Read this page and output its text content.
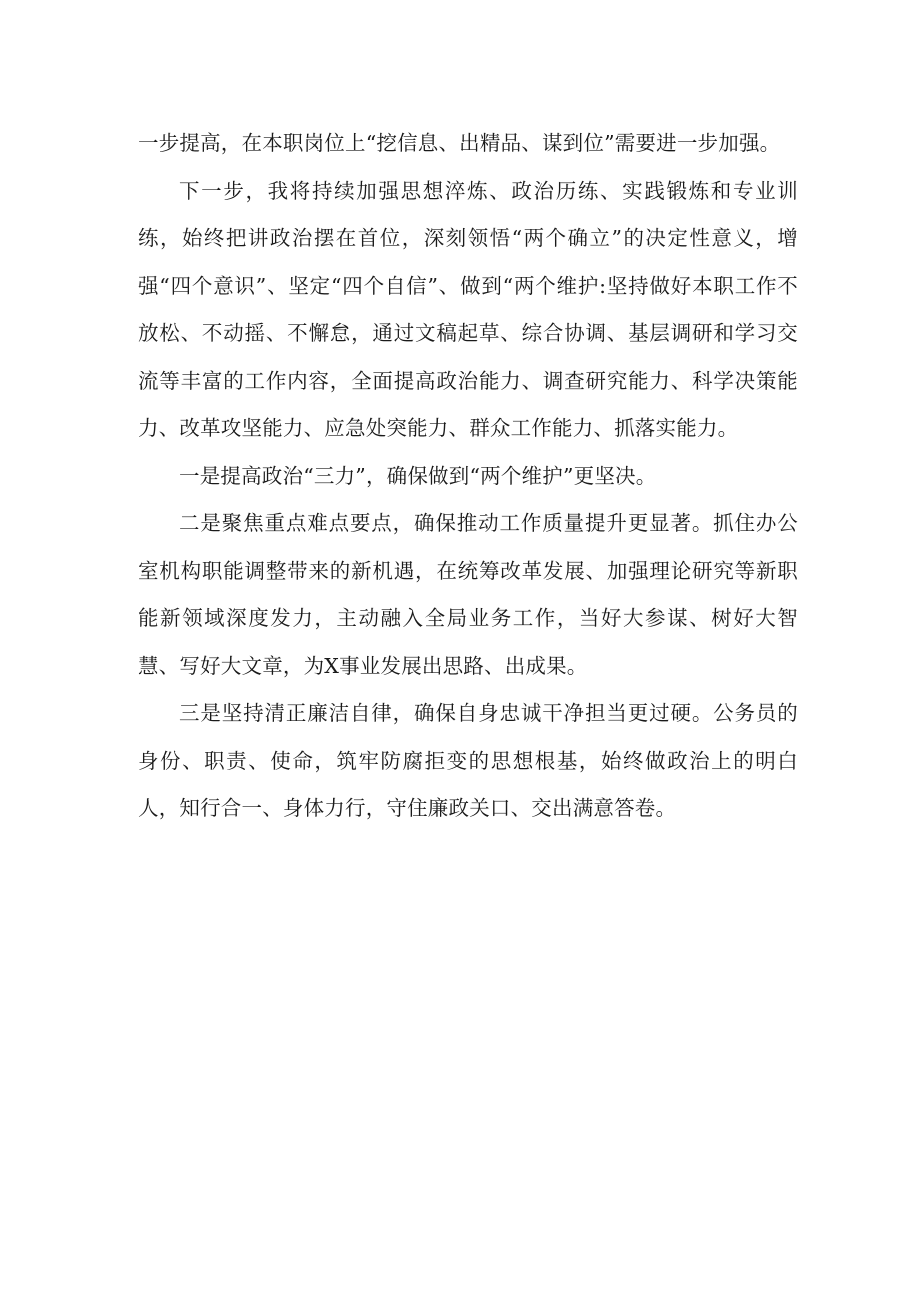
一步提高，在本职岗位上“挖信息、出精品、谋到位”需要进一步加强。

下一步，我将持续加强思想淬炼、政治历练、实践锻炼和专业训练，始终把讲政治摆在首位，深刻领悟“两个确立”的决定性意义，增强“四个意识”、坚定“四个自信”、做到“两个维护:坚持做好本职工作不放松、不动摇、不懈怠，通过文稿起草、综合协调、基层调研和学习交流等丰富的工作内容，全面提高政治能力、调查研究能力、科学决策能力、改革攻坚能力、应急处突能力、群众工作能力、抓落实能力。

一是提高政治“三力”，确保做到“两个维护”更坚决。

二是聚焦重点难点要点，确保推动工作质量提升更显著。抓住办公室机构职能调整带来的新机遇，在统筹改革发展、加强理论研究等新职能新领域深度发力，主动融入全局业务工作，当好大参谋、树好大智慧、写好大文章，为X事业发展出思路、出成果。

三是坚持清正廉洁自律，确保自身忠诚干净担当更过硬。公务员的身份、职责、使命，筑牢防腐拒变的思想根基，始终做政治上的明白人，知行合一、身体力行，守住廉政关口、交出满意答卷。
